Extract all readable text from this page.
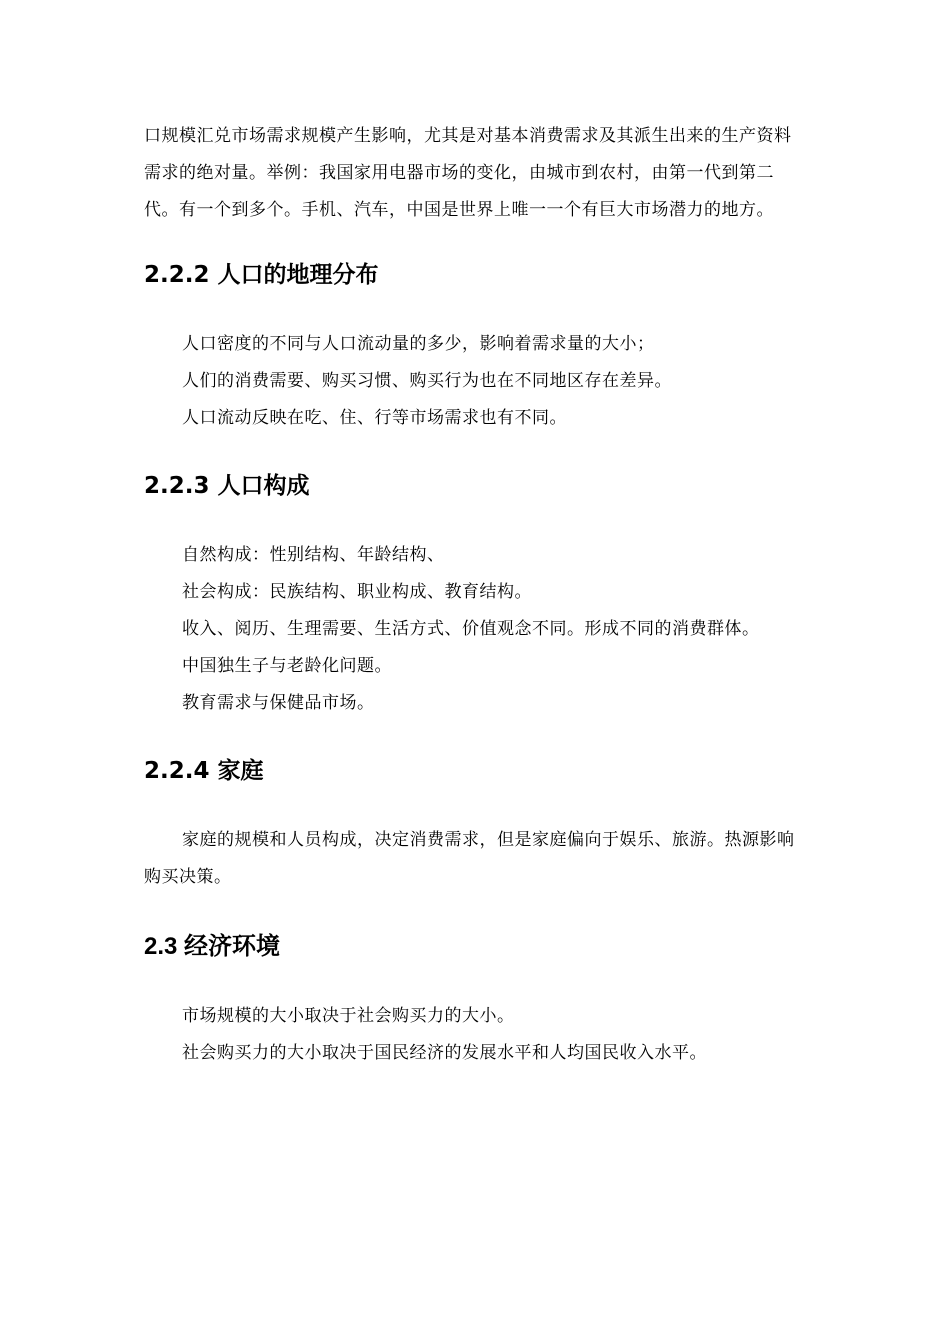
口规模汇兑市场需求规模产生影响，尤其是对基本消费需求及其派生出来的生产资料需求的绝对量。举例：我国家用电器市场的变化，由城市到农村，由第一代到第二代。有一个到多个。手机、汽车，中国是世界上唯一一个有巨大市场潜力的地方。

2.2.2 人口的地理分布

人口密度的不同与人口流动量的多少，影响着需求量的大小；

人们的消费需要、购买习惯、购买行为也在不同地区存在差异。

人口流动反映在吃、住、行等市场需求也有不同。

2.2.3 人口构成

自然构成：性别结构、年龄结构、

社会构成：民族结构、职业构成、教育结构。

收入、阅历、生理需要、生活方式、价值观念不同。形成不同的消费群体。

中国独生子与老龄化问题。

教育需求与保健品市场。

2.2.4 家庭

家庭的规模和人员构成，决定消费需求，但是家庭偏向于娱乐、旅游。热源影响购买决策。

2.3 经济环境

市场规模的大小取决于社会购买力的大小。

社会购买力的大小取决于国民经济的发展水平和人均国民收入水平。
